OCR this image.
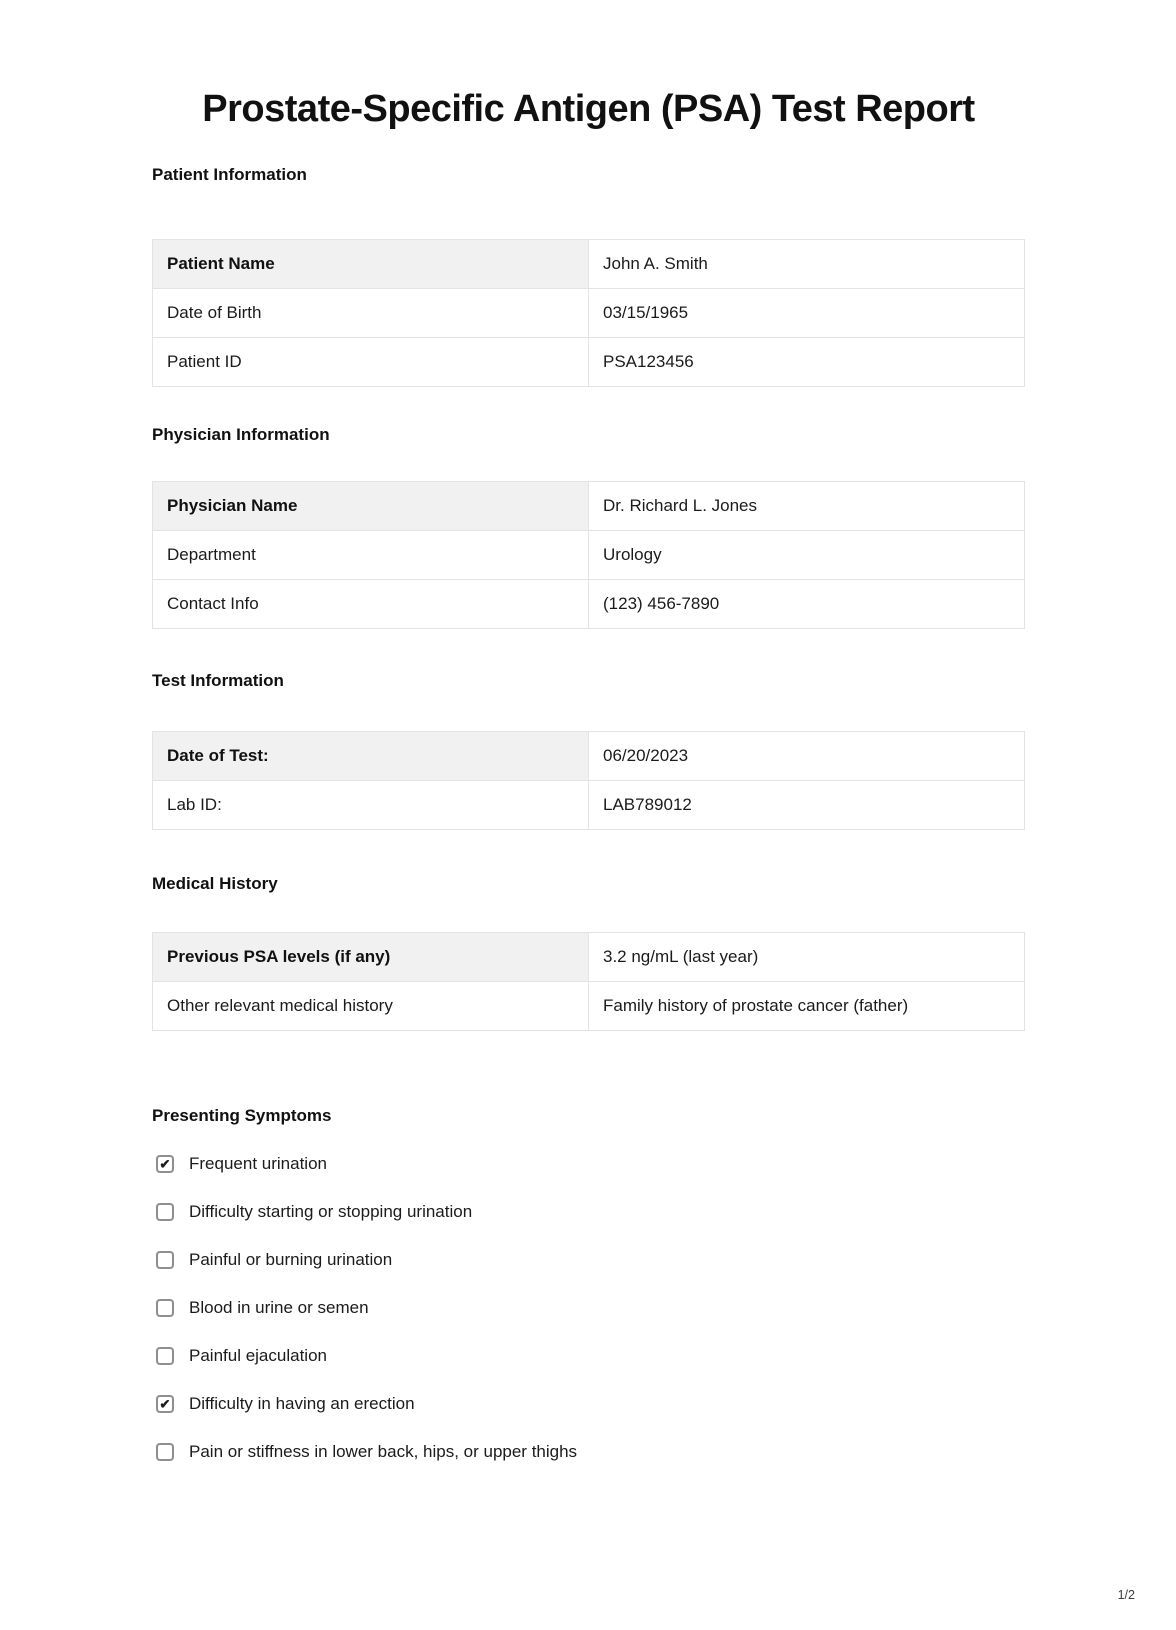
Prostate-Specific Antigen (PSA) Test Report
Patient Information
Patient Name	John A. Smith
Date of Birth	03/15/1965
Patient ID	PSA123456
Physician Information
Physician Name	Dr. Richard L. Jones
Department	Urology
Contact Info	(123) 456-7890
Test Information
Date of Test:	06/20/2023
Lab ID:	LAB789012
Medical History
Previous PSA levels (if any)	3.2 ng/mL (last year)
Other relevant medical history	Family history of prostate cancer (father)
Presenting Symptoms
✔ Frequent urination
Difficulty starting or stopping urination
Painful or burning urination
Blood in urine or semen
Painful ejaculation
✔ Difficulty in having an erection
Pain or stiffness in lower back, hips, or upper thighs
1/2
